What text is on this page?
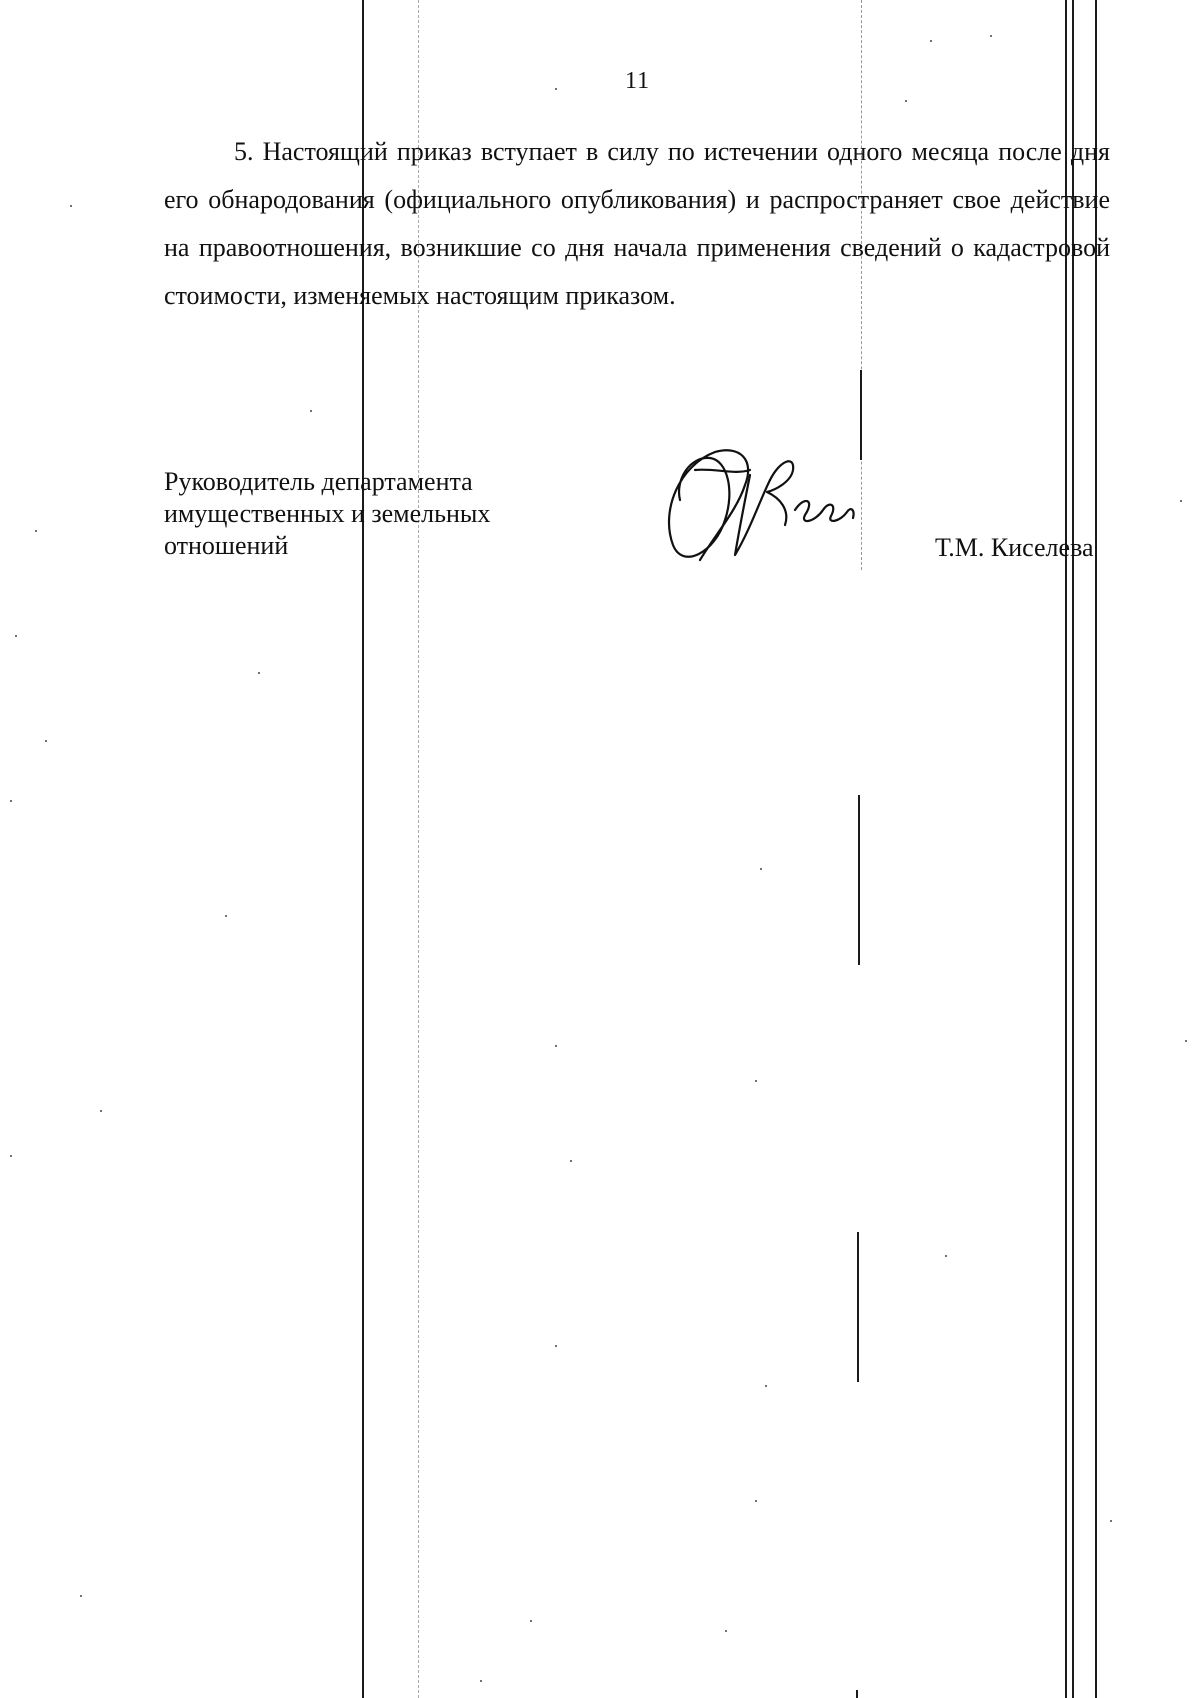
11

5. Настоящий приказ вступает в силу по истечении одного месяца после дня его обнародования (официального опубликования) и распространяет свое действие на правоотношения, возникшие со дня начала применения сведений о кадастровой стоимости, изменяемых настоящим приказом.

Руководитель департамента
имущественных и земельных
отношений	Т.М. Киселева
